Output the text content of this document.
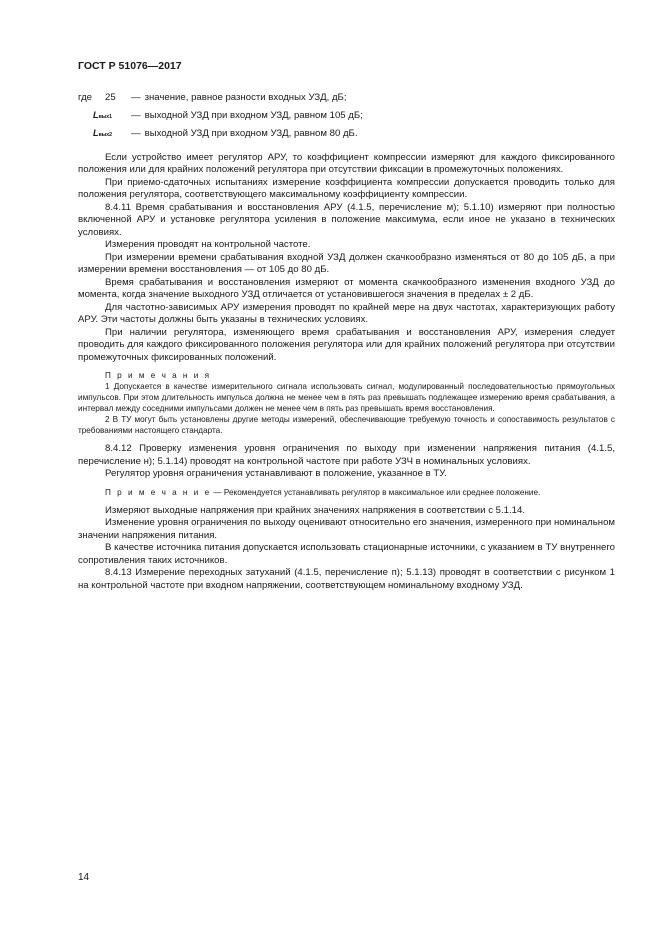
ГОСТ Р 51076—2017
где	25	— значение, равное разности входных УЗД, дБ;
L вых 1 — выходной УЗД при входном УЗД, равном 105 дБ;
L вых 2 — выходной УЗД при входном УЗД, равном 80 дБ.

Если устройство имеет регулятор АРУ, то коэффициент компрессии измеряют для каждого фиксированного положения или для крайних положений регулятора при отсутствии фиксации в промежуточных положениях.

При приемо-сдаточных испытаниях измерение коэффициента компрессии допускается проводить только для положения регулятора, соответствующего максимальному коэффициенту компрессии.

8.4.11 Время срабатывания и восстановления АРУ (4.1.5, перечисление м); 5.1.10) измеряют при полностью включенной АРУ и установке регулятора усиления в положение максимума, если иное не указано в технических условиях.

Измерения проводят на контрольной частоте.

При измерении времени срабатывания входной УЗД должен скачкообразно изменяться от 80 до 105 дБ, а при измерении времени восстановления — от 105 до 80 дБ.

Время срабатывания и восстановления измеряют от момента скачкообразного изменения входного УЗД до момента, когда значение выходного УЗД отличается от установившегося значения в пределах ± 2 дБ.

Для частотно-зависимых АРУ измерения проводят по крайней мере на двух частотах, характеризующих работу АРУ. Эти частоты должны быть указаны в технических условиях.

При наличии регулятора, изменяющего время срабатывания и восстановления АРУ, измерения следует проводить для каждого фиксированного положения регулятора или для крайних положений регулятора при отсутствии промежуточных фиксированных положений.

П р и м е ч а н и я

1 Допускается в качестве измерительного сигнала использовать сигнал, модулированный последовательностью прямоугольных импульсов. При этом длительность импульса должна не менее чем в пять раз превышать подлежащее измерению время срабатывания, а интервал между соседними импульсами должен не менее чем в пять раз превышать время восстановления.

2 В ТУ могут быть установлены другие методы измерений, обеспечивающие требуемую точность и сопоставимость результатов с требованиями настоящего стандарта.

8.4.12 Проверку изменения уровня ограничения по выходу при изменении напряжения питания (4.1.5, перечисление н); 5.1.14) проводят на контрольной частоте при работе УЗЧ в номинальных условиях.

Регулятор уровня ограничения устанавливают в положение, указанное в ТУ.

П р и м е ч а н и е — Рекомендуется устанавливать регулятор в максимальное или среднее положение.

Измеряют выходные напряжения при крайних значениях напряжения в соответствии с 5.1.14.

Изменение уровня ограничения по выходу оценивают относительно его значения, измеренного при номинальном значении напряжения питания.

В качестве источника питания допускается использовать стационарные источники, с указанием в ТУ внутреннего сопротивления таких источников.

8.4.13 Измерение переходных затуханий (4.1.5, перечисление п); 5.1.13) проводят в соответствии с рисунком 1 на контрольной частоте при входном напряжении, соответствующем номинальному входному УЗД.

14
